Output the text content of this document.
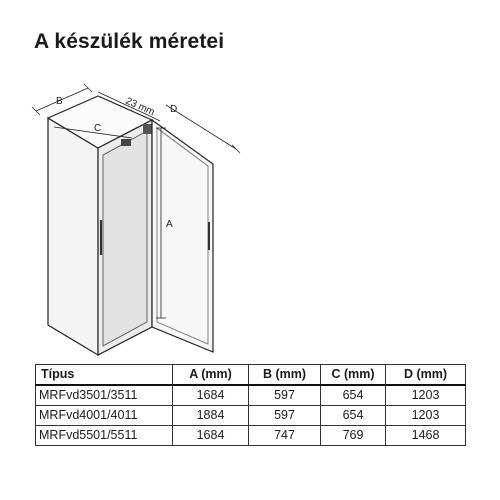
A készülék méretei
B
C
23 mm D
A
Típus	A (mm)	B (mm)	C (mm)	D (mm)
MRFvd3501/3511	1684	597	654	1203
MRFvd4001/4011	1884	597	654	1203
MRFvd5501/5511	1684	747	769	1468
